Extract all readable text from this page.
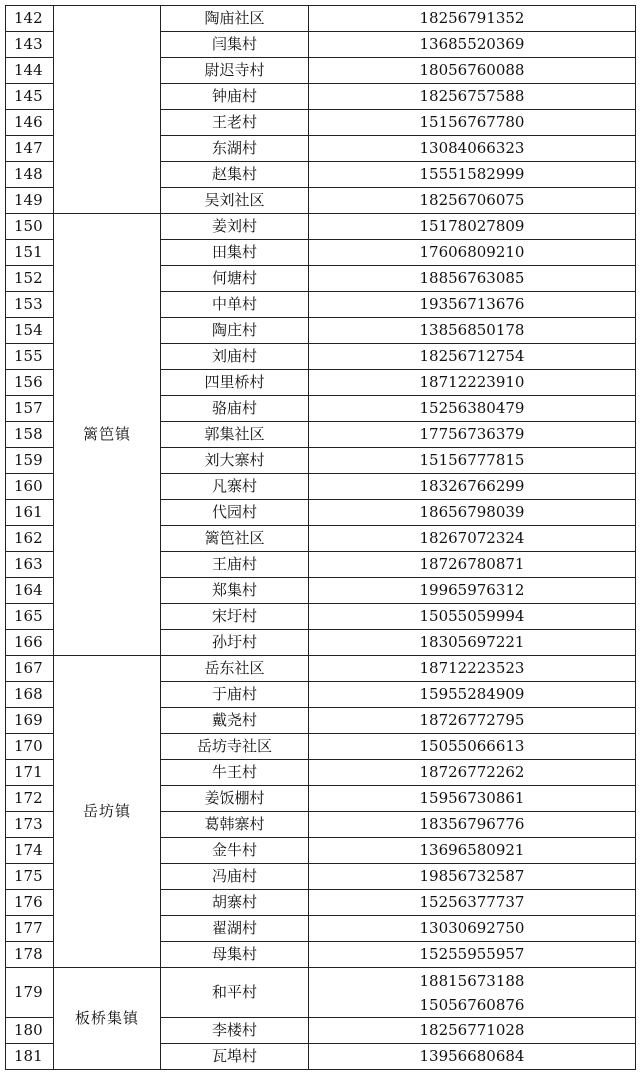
142		陶庙社区	18256791352
143		闫集村	13685520369
144		尉迟寺村	18056760088
145		钟庙村	18256757588
146		王老村	15156767780
147		东湖村	13084066323
148		赵集村	15551582999
149		吴刘社区	18256706075
150	篱笆镇	姜刘村	15178027809
151		田集村	17606809210
152		何塘村	18856763085
153		中单村	19356713676
154		陶庄村	13856850178
155		刘庙村	18256712754
156		四里桥村	18712223910
157		骆庙村	15256380479
158		郭集社区	17756736379
159		刘大寨村	15156777815
160		凡寨村	18326766299
161		代园村	18656798039
162		篱笆社区	18267072324
163		王庙村	18726780871
164		郑集村	19965976312
165		宋圩村	15055059994
166		孙圩村	18305697221
167	岳坊镇	岳东社区	18712223523
168		于庙村	15955284909
169		戴尧村	18726772795
170		岳坊寺社区	15055066613
171		牛王村	18726772262
172		姜饭棚村	15956730861
173		葛韩寨村	18356796776
174		金牛村	13696580921
175		冯庙村	19856732587
176		胡寨村	15256377737
177		翟湖村	13030692750
178		母集村	15255955957
179	板桥集镇	和平村	18815673188
15056760876

180		李楼村	18256771028
181		瓦埠村	13956680684
